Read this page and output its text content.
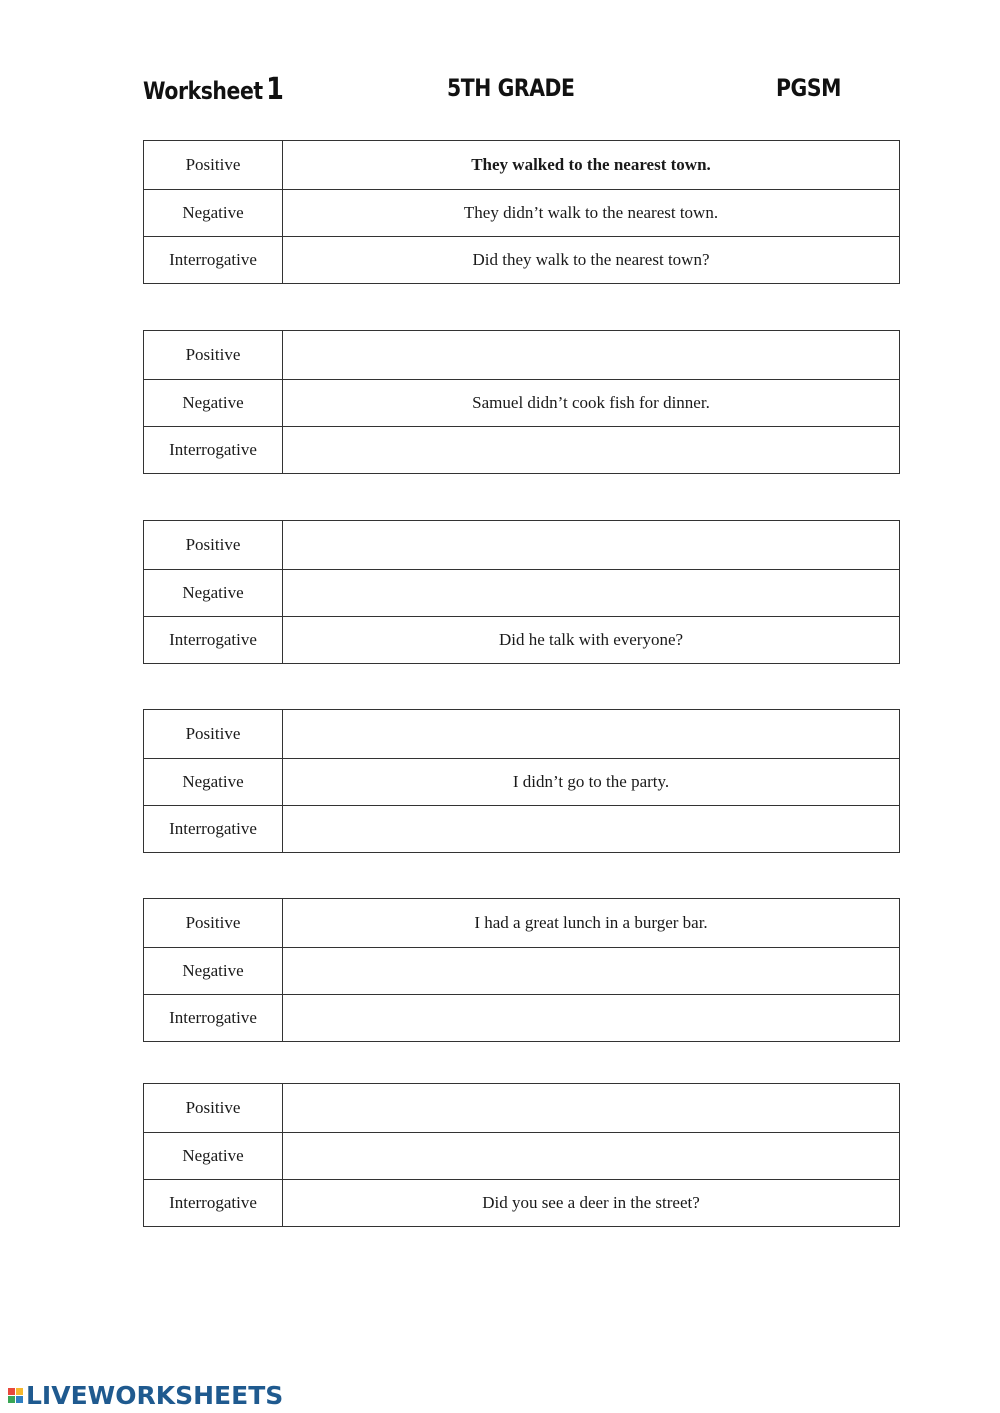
Worksheet 1	5TH GRADE	PGSM
Positive	They walked to the nearest town.
Negative	They didn’t walk to the nearest town.
Interrogative	Did they walk to the nearest town?
Positive	
Negative	Samuel didn’t cook fish for dinner.
Interrogative	
Positive	
Negative	
Interrogative	Did he talk with everyone?
Positive	
Negative	I didn’t go to the party.
Interrogative	
Positive	I had a great lunch in a burger bar.
Negative	
Interrogative	
Positive	
Negative	
Interrogative	Did you see a deer in the street?
LIVEWORKSHEETS
